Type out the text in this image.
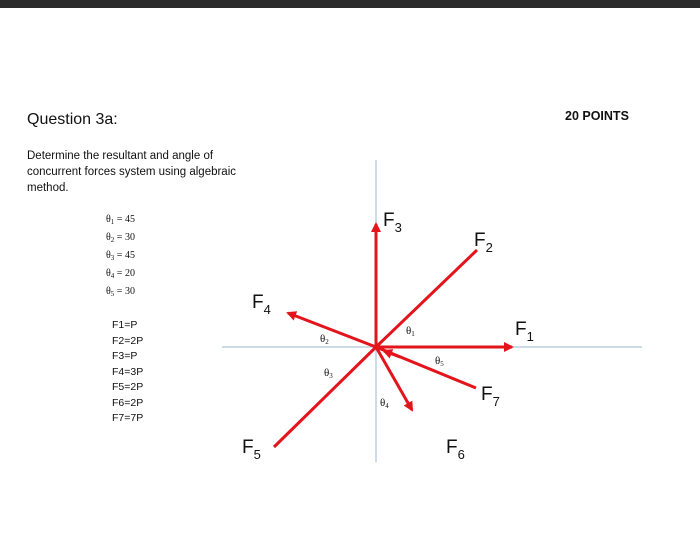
Question 3a:	20 POINTS
Determine the resultant and angle of concurrent forces system using algebraic method.
$\theta_1 = 45$
$\theta_2 = 30$
$\theta_3 = 45$
$\theta_4 = 20$
$\theta_5 = 30$
F1=P
F2=2P
F3=P
F4=3P
F5=2P
F6=2P
F7=7P
$F_1$
$F_2$
$F_3$
$F_4$
$F_5$	$F_6$
$F_7$
θ1
θ2
θ3
θ4
θ5
